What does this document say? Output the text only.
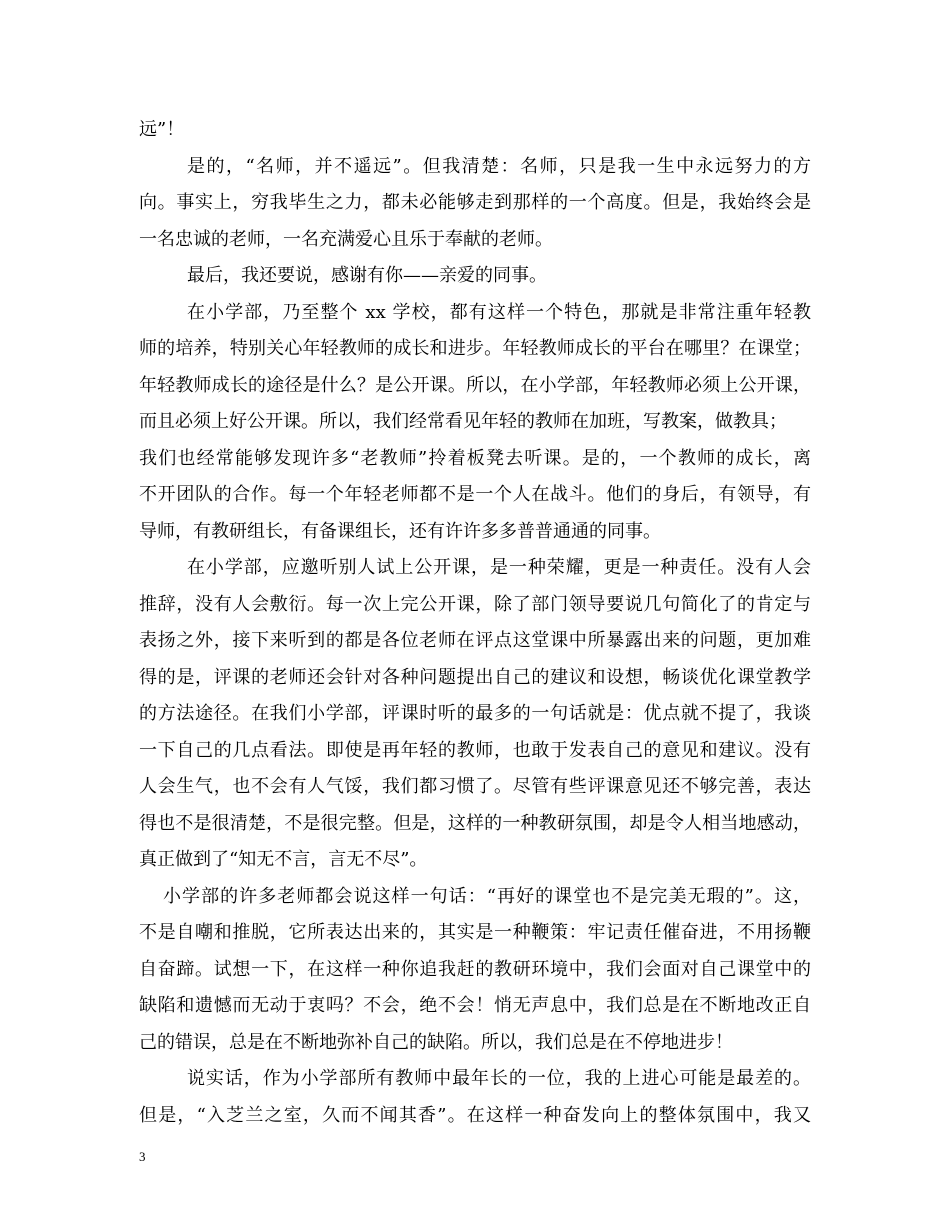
远”！
是的，“名师，并不遥远”。但我清楚：名师，只是我一生中永远努力的方
向。事实上，穷我毕生之力，都未必能够走到那样的一个高度。但是，我始终会是
一名忠诚的老师，一名充满爱心且乐于奉献的老师。
最后，我还要说，感谢有你——亲爱的同事。
在小学部，乃至整个 xx 学校，都有这样一个特色，那就是非常注重年轻教
师的培养，特别关心年轻教师的成长和进步。年轻教师成长的平台在哪里？在课堂；
年轻教师成长的途径是什么？是公开课。所以，在小学部，年轻教师必须上公开课，
而且必须上好公开课。所以，我们经常看见年轻的教师在加班，写教案，做教具；
我们也经常能够发现许多“老教师”拎着板凳去听课。是的，一个教师的成长，离
不开团队的合作。每一个年轻老师都不是一个人在战斗。他们的身后，有领导，有
导师，有教研组长，有备课组长，还有许许多多普普通通的同事。
在小学部，应邀听别人试上公开课，是一种荣耀，更是一种责任。没有人会
推辞，没有人会敷衍。每一次上完公开课，除了部门领导要说几句简化了的肯定与
表扬之外，接下来听到的都是各位老师在评点这堂课中所暴露出来的问题，更加难
得的是，评课的老师还会针对各种问题提出自己的建议和设想，畅谈优化课堂教学
的方法途径。在我们小学部，评课时听的最多的一句话就是：优点就不提了，我谈
一下自己的几点看法。即使是再年轻的教师，也敢于发表自己的意见和建议。没有
人会生气，也不会有人气馁，我们都习惯了。尽管有些评课意见还不够完善，表达
得也不是很清楚，不是很完整。但是，这样的一种教研氛围，却是令人相当地感动，
真正做到了“知无不言，言无不尽”。
小学部的许多老师都会说这样一句话：“再好的课堂也不是完美无瑕的”。这，
不是自嘲和推脱，它所表达出来的，其实是一种鞭策：牢记责任催奋进，不用扬鞭
自奋蹄。试想一下，在这样一种你追我赶的教研环境中，我们会面对自己课堂中的
缺陷和遗憾而无动于衷吗？不会，绝不会！悄无声息中，我们总是在不断地改正自
己的错误，总是在不断地弥补自己的缺陷。所以，我们总是在不停地进步！
说实话，作为小学部所有教师中最年长的一位，我的上进心可能是最差的。
但是，“入芝兰之室，久而不闻其香”。在这样一种奋发向上的整体氛围中，我又
3
